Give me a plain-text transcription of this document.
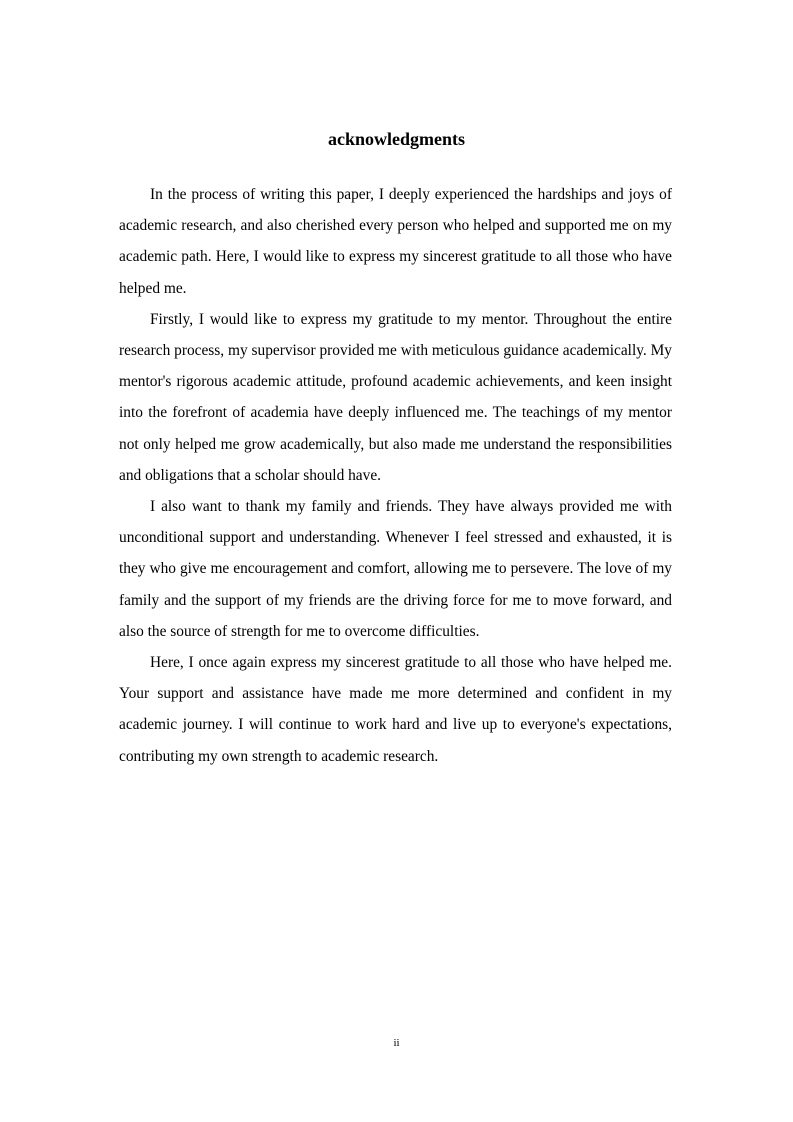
acknowledgments

In the process of writing this paper, I deeply experienced the hardships and joys of academic research, and also cherished every person who helped and supported me on my academic path. Here, I would like to express my sincerest gratitude to all those who have helped me.

Firstly, I would like to express my gratitude to my mentor. Throughout the entire research process, my supervisor provided me with meticulous guidance academically. My mentor's rigorous academic attitude, profound academic achievements, and keen insight into the forefront of academia have deeply influenced me. The teachings of my mentor not only helped me grow academically, but also made me understand the responsibilities and obligations that a scholar should have.

I also want to thank my family and friends. They have always provided me with unconditional support and understanding. Whenever I feel stressed and exhausted, it is they who give me encouragement and comfort, allowing me to persevere. The love of my family and the support of my friends are the driving force for me to move forward, and also the source of strength for me to overcome difficulties.

Here, I once again express my sincerest gratitude to all those who have helped me. Your support and assistance have made me more determined and confident in my academic journey. I will continue to work hard and live up to everyone's expectations, contributing my own strength to academic research.

ii
